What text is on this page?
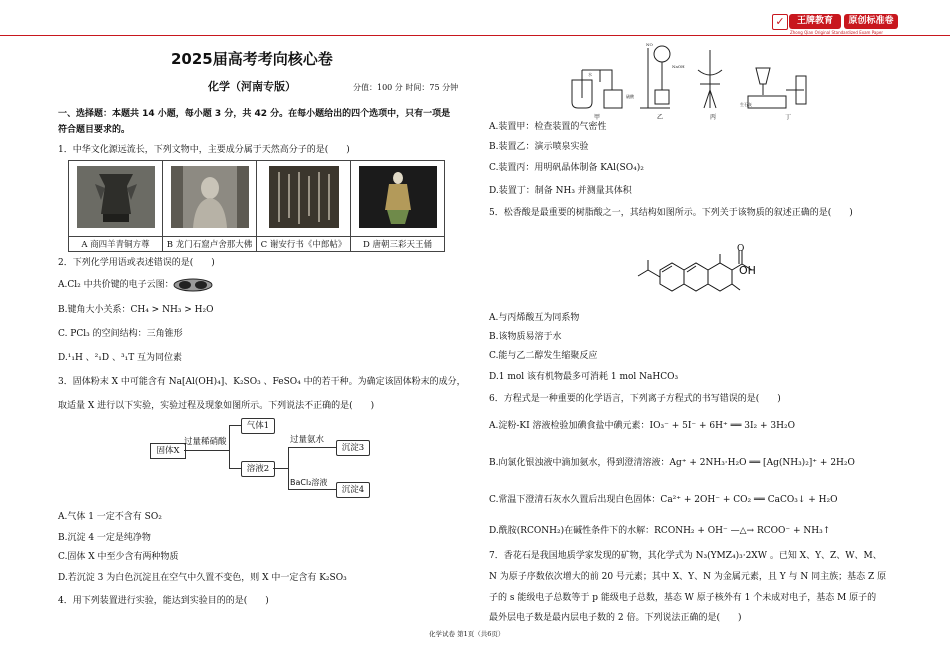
✓	王牌教育	原创标准卷
Zhong Qian Original Standardized Exam Paper
2025届高考考向核心卷
化学（河南专版）	分值：100 分 时间：75 分钟
一、选择题：本题共 14 小题，每小题 3 分，共 42 分。在每小题给出的四个选项中，只有一项是
符合题目要求的。
1．中华文化源远流长，下列文物中，主要成分属于天然高分子的是(　　)

A 商四羊青铜方尊	B 龙门石窟卢舍那大佛	C 谢安行书《中郎帖》	D 唐朝三彩天王俑
2．下列化学用语或表述错误的是(　　)
A.Cl₂ 中共价键的电子云图：
B.键角大小关系：CH₄ > NH₃ > H₂O
C. PCl₃ 的空间结构：三角锥形
D.¹₁H 、²₁D 、³₁T 互为同位素
3．固体粉末 X 中可能含有 Na[Al(OH)₄]、K₂SO₃ 、FeSO₄ 中的若干种。为确定该固体粉末的成分，
取适量 X 进行以下实验，实验过程及现象如图所示。下列说法不正确的是(　　)
固体X
过量稀硝酸
气体1
溶液2
过量氨水
BaCl₂溶液
沉淀3
沉淀4
A.气体 1 一定不含有 SO₂
B.沉淀 4 一定是纯净物
C.固体 X 中至少含有两种物质
D.若沉淀 3 为白色沉淀且在空气中久置不变色，则 X 中一定含有 K₂SO₃
4．用下列装置进行实验，能达到实验目的的是(　　)
水
硫酸
NO
NaOH
生石灰
甲	乙	丙	丁
A.装置甲：检查装置的气密性
B.装置乙：演示喷泉实验
C.装置丙：用明矾晶体制备 KAl(SO₄)₂
D.装置丁：制备 NH₃ 并测量其体积
5．松香酸是最重要的树脂酸之一，其结构如图所示。下列关于该物质的叙述正确的是(　　)
O
OH
A.与丙烯酸互为同系物
B.该物质易溶于水
C.能与乙二醇发生缩聚反应
D.1 mol 该有机物最多可消耗 1 mol NaHCO₃
6．方程式是一种重要的化学语言，下列离子方程式的书写错误的是(　　)
A.淀粉-KI 溶液检验加碘食盐中碘元素：IO₃⁻ + 5I⁻ + 6H⁺ ══ 3I₂ + 3H₂O
B.向氯化银浊液中滴加氨水，得到澄清溶液：Ag⁺ + 2NH₃·H₂O ══ [Ag(NH₃)₂]⁺ + 2H₂O
C.常温下澄清石灰水久置后出现白色固体：Ca²⁺ + 2OH⁻ + CO₂ ══ CaCO₃↓ + H₂O
D.酰胺(RCONH₂)在碱性条件下的水解：RCONH₂ + OH⁻ —△→ RCOO⁻ + NH₃↑
7．香花石是我国地质学家发现的矿物，其化学式为 N₃(YMZ₄)₃·2XW 。已知 X、Y、Z、W、M、
N 为原子序数依次增大的前 20 号元素；其中 X、Y、N 为金属元素，且 Y 与 N 同主族；基态 Z 原
子的 s 能级电子总数等于 p 能级电子总数，基态 W 原子核外有 1 个未成对电子，基态 M 原子的
最外层电子数是最内层电子数的 2 倍。下列说法正确的是(　　)
化学试卷 第1页（共6页）
